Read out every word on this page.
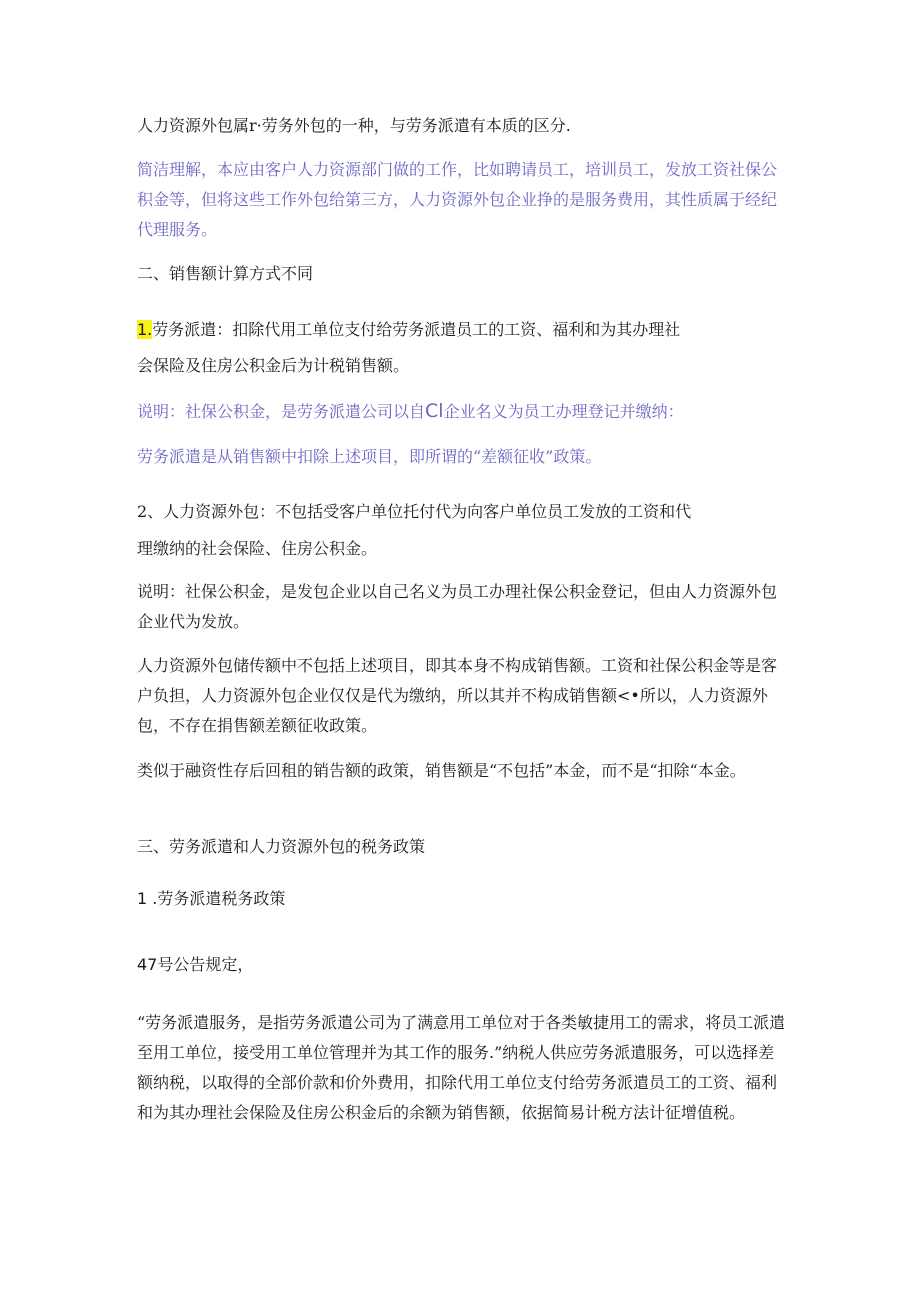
人力资源外包属r·劳务外包的一种，与劳务派遣有本质的区分.

简洁理解，本应由客户人力资源部门做的工作，比如聘请员工，培训员工，发放工资社保公积金等，但将这些工作外包给第三方，人力资源外包企业挣的是服务费用，其性质属于经纪代理服务。

二、销售额计算方式不同

1.劳务派遣：扣除代用工单位支付给劳务派遣员工的工资、福利和为其办理社

会保险及住房公积金后为计税销售额。

说明：社保公积金，是劳务派遣公司以自Cl企业名义为员工办理登记并缴纳：

劳务派遣是从销售额中扣除上述项目，即所谓的“差额征收”政策。

2、人力资源外包：不包括受客户单位托付代为向客户单位员工发放的工资和代

理缴纳的社会保险、住房公积金。

说明：社保公积金，是发包企业以自己名义为员工办理社保公积金登记，但由人力资源外包企业代为发放。

人力资源外包储传额中不包括上述项目，即其本身不构成销售额。工资和社保公积金等是客户负担，人力资源外包企业仅仅是代为缴纳，所以其并不构成销售额<•所以，人力资源外包，不存在捐售额差额征收政策。

类似于融资性存后回租的销告额的政策，销售额是“不包括”本金，而不是“扣除“本金。

三、劳务派遣和人力资源外包的税务政策

1 .劳务派遣税务政策

47号公告规定，

“劳务派遣服务，是指劳务派遣公司为了满意用工单位对于各类敏捷用工的需求，将员工派遣至用工单位，接受用工单位管理并为其工作的服务.”纳税人供应劳务派遣服务，可以选择差额纳税，以取得的全部价款和价外费用，扣除代用工单位支付给劳务派遣员工的工资、福利和为其办理社会保险及住房公积金后的余额为销售额，依据简易计税方法计征增值税。
